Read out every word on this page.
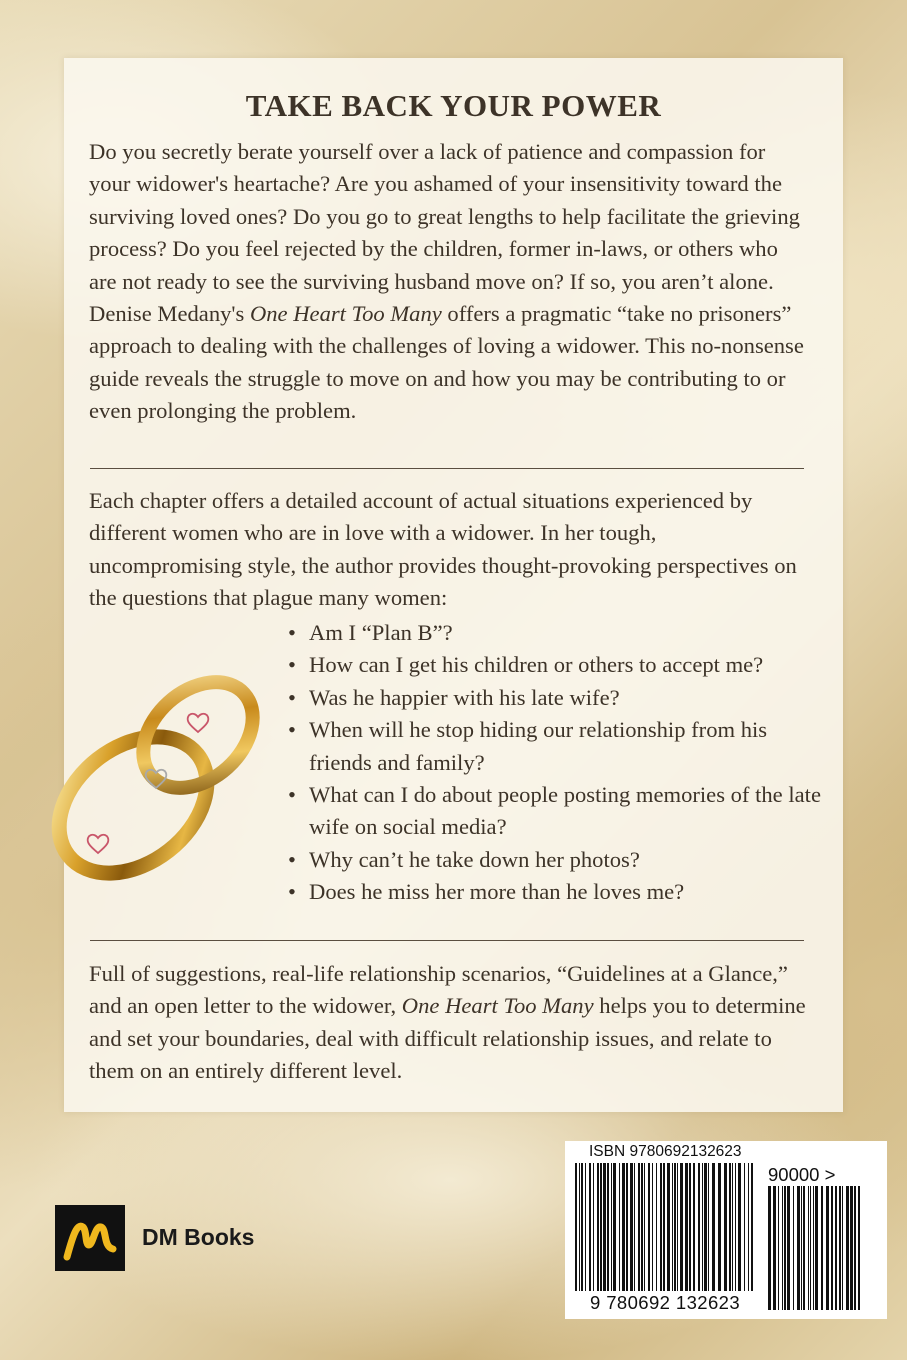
TAKE BACK YOUR POWER

Do you secretly berate yourself over a lack of patience and compassion for your widower's heartache? Are you ashamed of your insensitivity toward the surviving loved ones? Do you go to great lengths to help facilitate the grieving process? Do you feel rejected by the children, former in-laws, or others who are not ready to see the surviving husband move on? If so, you aren’t alone. Denise Medany's One Heart Too Many offers a pragmatic “take no prisoners” approach to dealing with the challenges of loving a widower. This no-nonsense guide reveals the struggle to move on and how you may be contributing to or even prolonging the problem.

Each chapter offers a detailed account of actual situations experienced by different women who are in love with a widower. In her tough, uncompromising style, the author provides thought-provoking perspectives on the questions that plague many women:

• Am I “Plan B”?
• How can I get his children or others to accept me?
• Was he happier with his late wife?
• When will he stop hiding our relationship from his friends and family?
• What can I do about people posting memories of the late wife on social media?
• Why can’t he take down her photos?
• Does he miss her more than he loves me?

Full of suggestions, real-life relationship scenarios, “Guidelines at a Glance,” and an open letter to the widower, One Heart Too Many helps you to determine and set your boundaries, deal with difficult relationship issues, and relate to them on an entirely different level.

ISBN 9780692132623

9 780692 132623

90000 >

DM Books
